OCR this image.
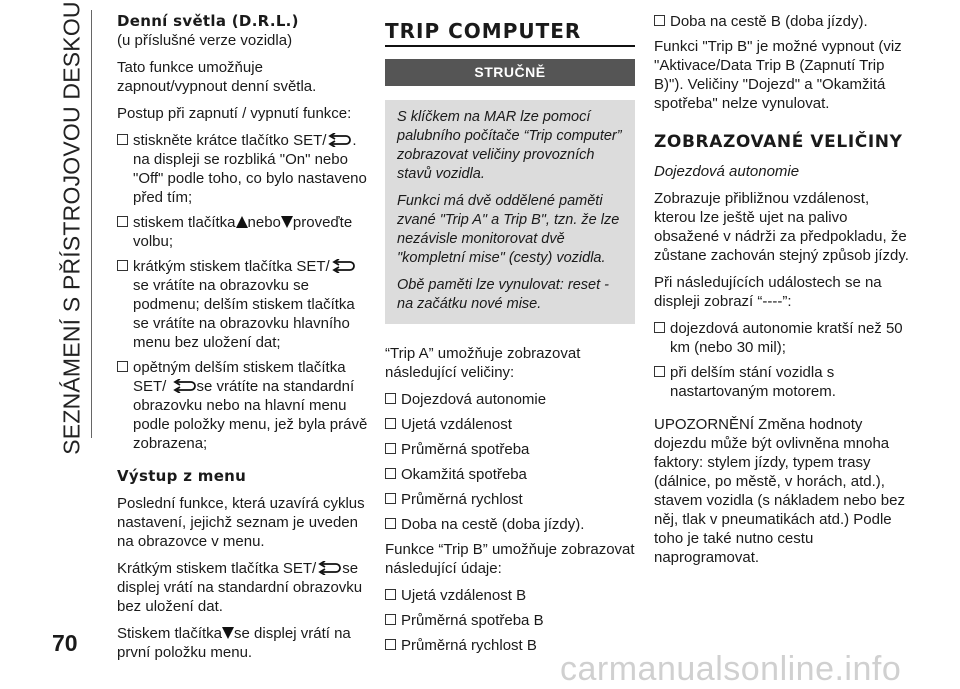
SEZNÁMENÍ S PŘÍSTROJOVOU DESKOU
70
carmanualsonline.info
Denní světla (D.R.L.)

(u příslušné verze vozidla)

Tato funkce umožňuje zapnout/vypnout denní světla.

Postup při zapnutí / vypnutí funkce:

stiskněte krátce tlačítko SET/ . na displeji se rozbliká "On" nebo "Off" podle toho, co bylo nastaveno před tím;
stiskem tlačítka nebo proveďte volbu;
krátkým stiskem tlačítka SET/se vrátíte na obrazovku se podmenu; delším stiskem tlačítka se vrátíte na obrazovku hlavního menu bez uložení dat;
opětným delším stiskem tlačítka SET/ se vrátíte na standardní obrazovku nebo na hlavní menu podle položky menu, jež byla právě zobrazena;
Výstup z menu

Poslední funkce, která uzavírá cyklus nastavení, jejichž seznam je uveden na obrazovce v menu.

Krátkým stiskem tlačítka SET/ se displej vrátí na standardní obrazovku bez uložení dat.

Stiskem tlačítka se displej vrátí na první položku menu.

TRIP COMPUTER
STRUČNĚ

S klíčkem na MAR lze pomocí palubního počítače “Trip computer” zobrazovat veličiny provozních stavů vozidla.

Funkci má dvě oddělené paměti zvané "Trip A" a Trip B", tzn. že lze nezávisle monitorovat dvě "kompletní mise" (cesty) vozidla.

Obě paměti lze vynulovat: reset - na začátku nové mise.

“Trip A” umožňuje zobrazovat následující veličiny:

Dojezdová autonomie
Ujetá vzdálenost
Průměrná spotřeba
Okamžitá spotřeba
Průměrná rychlost
Doba na cestě (doba jízdy).

Funkce “Trip B” umožňuje zobrazovat následující údaje:

Ujetá vzdálenost B
Průměrná spotřeba B
Průměrná rychlost B
Doba na cestě B (doba jízdy).

Funkci "Trip B" je možné vypnout (viz "Aktivace/Data Trip B (Zapnutí Trip B)"). Veličiny "Dojezd" a "Okamžitá spotřeba" nelze vynulovat.

ZOBRAZOVANÉ VELIČINY

Dojezdová autonomie

Zobrazuje přibližnou vzdálenost, kterou lze ještě ujet na palivo obsažené v nádrži za předpokladu, že zůstane zachován stejný způsob jízdy.

Při následujících událostech se na displeji zobrazí “----”:

dojezdová autonomie kratší než 50 km (nebo 30 mil);
při delším stání vozidla s nastartovaným motorem.

UPOZORNĚNÍ Změna hodnoty dojezdu může být ovlivněna mnoha faktory: stylem jízdy, typem trasy (dálnice, po městě, v horách, atd.), stavem vozidla (s nákladem nebo bez něj, tlak v pneumatikách atd.) Podle toho je také nutno cestu naprogramovat.
